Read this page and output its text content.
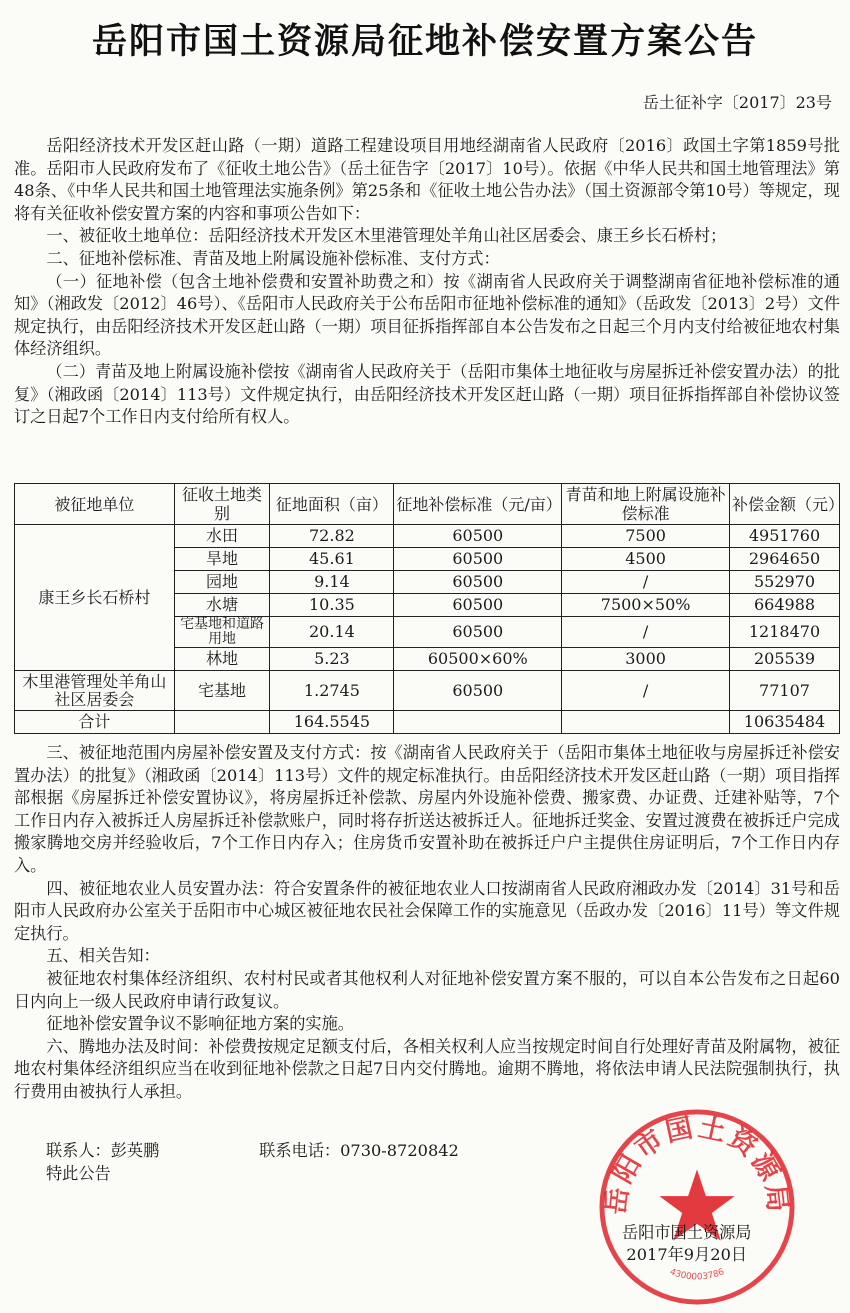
岳阳市国土资源局征地补偿安置方案公告
岳土征补字〔2017〕23号

岳阳经济技术开发区赶山路（一期）道路工程建设项目用地经湖南省人民政府〔2016〕政国土字第1859号批准。岳阳市人民政府发布了《征收土地公告》（岳土征告字〔2017〕10号）。依据《中华人民共和国土地管理法》第48条、《中华人民共和国土地管理法实施条例》第25条和《征收土地公告办法》（国土资源部令第10号）等规定，现将有关征收补偿安置方案的内容和事项公告如下：

一、被征收土地单位：岳阳经济技术开发区木里港管理处羊角山社区居委会、康王乡长石桥村；

二、征地补偿标准、青苗及地上附属设施补偿标准、支付方式：

（一）征地补偿（包含土地补偿费和安置补助费之和）按《湖南省人民政府关于调整湖南省征地补偿标准的通知》（湘政发〔2012〕46号）、《岳阳市人民政府关于公布岳阳市征地补偿标准的通知》（岳政发〔2013〕2号）文件规定执行，由岳阳经济技术开发区赶山路（一期）项目征拆指挥部自本公告发布之日起三个月内支付给被征地农村集体经济组织。

（二）青苗及地上附属设施补偿按《湖南省人民政府关于（岳阳市集体土地征收与房屋拆迁补偿安置办法）的批复》（湘政函〔2014〕113号）文件规定执行，由岳阳经济技术开发区赶山路（一期）项目征拆指挥部自补偿协议签订之日起7个工作日内支付给所有权人。

被征地单位	征收土地类别	征地面积（亩）	征地补偿标准（元/亩）	青苗和地上附属设施补偿标准	补偿金额（元）
康王乡长石桥村	水田	72.82	60500	7500	4951760
	旱地	45.61	60500	4500	2964650
	园地	9.14	60500	/	552970
	水塘	10.35	60500	7500×50%	664988
	宅基地和道路用地	20.14	60500	/	1218470
	林地	5.23	60500×60%	3000	205539
木里港管理处羊角山社区居委会	宅基地	1.2745	60500	/	77107
合计		164.5545			10635484

三、被征地范围内房屋补偿安置及支付方式：按《湖南省人民政府关于（岳阳市集体土地征收与房屋拆迁补偿安置办法）的批复》（湘政函〔2014〕113号）文件的规定标准执行。由岳阳经济技术开发区赶山路（一期）项目指挥部根据《房屋拆迁补偿安置协议》，将房屋拆迁补偿款、房屋内外设施补偿费、搬家费、办证费、迁建补贴等，7个工作日内存入被拆迁人房屋拆迁补偿款账户，同时将存折送达被拆迁人。征地拆迁奖金、安置过渡费在被拆迁户完成搬家腾地交房并经验收后，7个工作日内存入；住房货币安置补助在被拆迁户户主提供住房证明后，7个工作日内存入。

四、被征地农业人员安置办法：符合安置条件的被征地农业人口按湖南省人民政府湘政办发〔2014〕31号和岳阳市人民政府办公室关于岳阳市中心城区被征地农民社会保障工作的实施意见（岳政办发〔2016〕11号）等文件规定执行。

五、相关告知：

被征地农村集体经济组织、农村村民或者其他权利人对征地补偿安置方案不服的，可以自本公告发布之日起60日内向上一级人民政府申请行政复议。

征地补偿安置争议不影响征地方案的实施。

六、腾地办法及时间：补偿费按规定足额支付后，各相关权利人应当按规定时间自行处理好青苗及附属物，被征地农村集体经济组织应当在收到征地补偿款之日起7日内交付腾地。逾期不腾地，将依法申请人民法院强制执行，执行费用由被执行人承担。

联系人：彭英鹏	联系电话：0730-8720842
特此公告
岳阳市国土资源局
4300003786
岳阳市国土资源局
2017年9月20日
